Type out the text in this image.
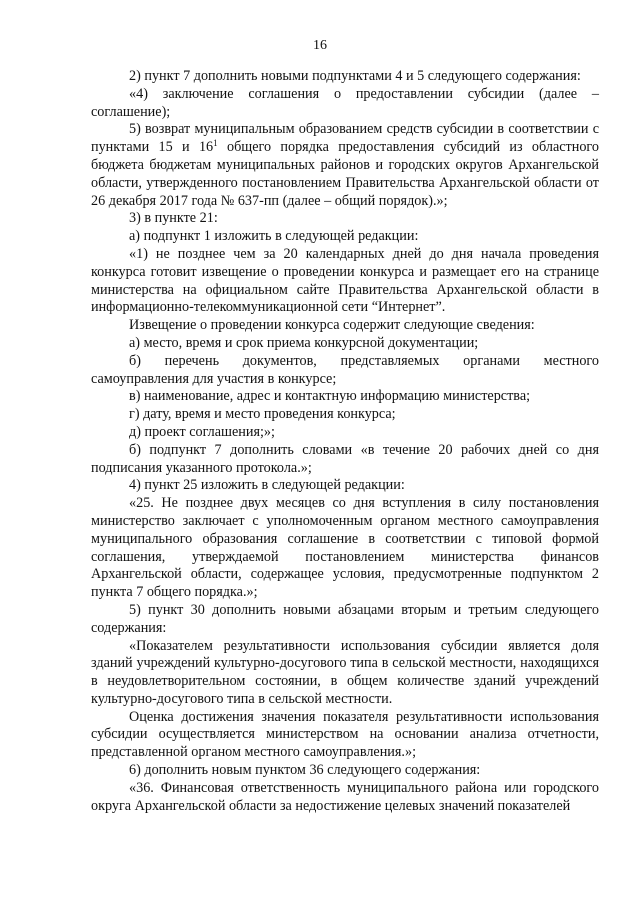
16

2) пункт 7 дополнить новыми подпунктами 4 и 5 следующего содержания:

«4) заключение соглашения о предоставлении субсидии (далее – соглашение);

5) возврат муниципальным образованием средств субсидии в соответствии с пунктами 15 и $16^1$ общего порядка предоставления субсидий из областного бюджета бюджетам муниципальных районов и городских округов Архангельской области, утвержденного постановлением Правительства Архангельской области от 26 декабря 2017 года № 637-пп (далее – общий порядок).»;

3) в пункте 21:

а) подпункт 1 изложить в следующей редакции:

«1) не позднее чем за 20 календарных дней до дня начала проведения конкурса готовит извещение о проведении конкурса и размещает его на странице министерства на официальном сайте Правительства Архангельской области в информационно-телекоммуникационной сети “Интернет”.

Извещение о проведении конкурса содержит следующие сведения:

а) место, время и срок приема конкурсной документации;

б) перечень документов, представляемых органами местного самоуправления для участия в конкурсе;

в) наименование, адрес и контактную информацию министерства;

г) дату, время и место проведения конкурса;

д) проект соглашения;»;

б) подпункт 7 дополнить словами «в течение 20 рабочих дней со дня подписания указанного протокола.»;

4) пункт 25 изложить в следующей редакции:

«25. Не позднее двух месяцев со дня вступления в силу постановления министерство заключает с уполномоченным органом местного самоуправления муниципального образования соглашение в соответствии с типовой формой соглашения, утверждаемой постановлением министерства финансов Архангельской области, содержащее условия, предусмотренные подпунктом 2 пункта 7 общего порядка.»;

5) пункт 30 дополнить новыми абзацами вторым и третьим следующего содержания:

«Показателем результативности использования субсидии является доля зданий учреждений культурно-досугового типа в сельской местности, находящихся в неудовлетворительном состоянии, в общем количестве зданий учреждений культурно-досугового типа в сельской местности.

Оценка достижения значения показателя результативности использования субсидии осуществляется министерством на основании анализа отчетности, представленной органом местного самоуправления.»;

6) дополнить новым пунктом 36 следующего содержания:

«36. Финансовая ответственность муниципального района или городского округа Архангельской области за недостижение целевых значений показателей
